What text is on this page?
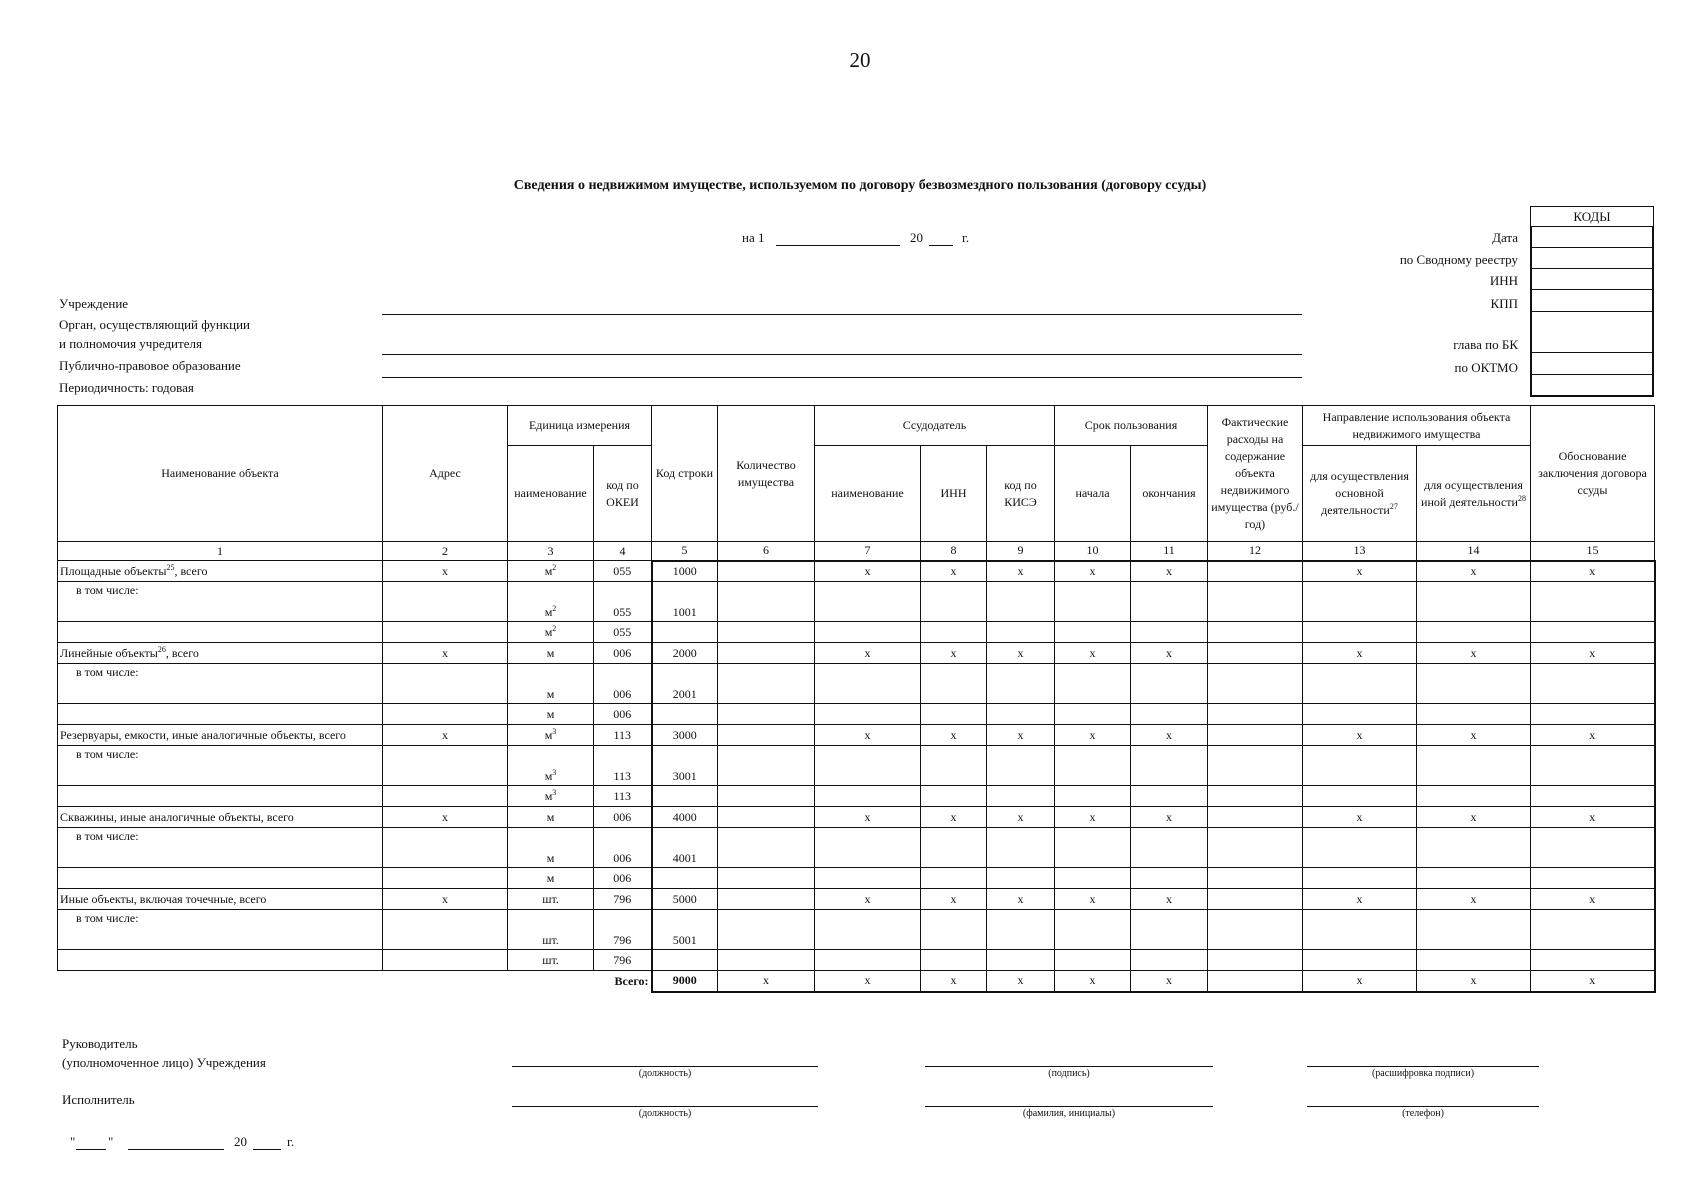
20
Сведения о недвижимом имуществе, используемом по договору безвозмездного пользования (договору ссуды)
на 1	20	г.
КОДЫ
Дата
по Сводному реестру
ИНН
КПП
глава по БК
по ОКТМО
Учреждение
Орган, осуществляющий функции
и полномочия учредителя
Публично-правовое образование
Периодичность: годовая
Наименование объекта	Адрес	Единица измерения		Код строки	Количество имущества	Ссудодатель			Срок пользования		Фактические расходы на содержание объекта недвижимого имущества (руб./год)	Направление использования объекта недвижимого имущества		Обоснование заключения договора ссуды
		наименование	код по ОКЕИ			наименование	ИНН	код по КИСЭ	начала	окончания		для осуществления основной деятельности$^{27}$	для осуществления иной деятельности$^{28}$
1	2	3	4	5	6	7	8	9	10	11	12	13	14	15
Площадные объекты$^{25}$, всего	х	$м^2$	055	1000		х	х	х	х	х		х	х	х
в том числе:		$м^2$	055	1001										
		$м^2$	055											
Линейные объекты$^{26}$, всего	х	м	006	2000		х	х	х	х	х		х	х	х
в том числе:		м	006	2001										
		м	006											
Резервуары, емкости, иные аналогичные объекты, всего	х	$м^3$	113	3000		х	х	х	х	х		х	х	х
в том числе:		$м^3$	113	3001										
		$м^3$	113											
Скважины, иные аналогичные объекты, всего	х	м	006	4000		х	х	х	х	х		х	х	х
в том числе:		м	006	4001										
		м	006											
Иные объекты, включая точечные, всего	х	шт.	796	5000		х	х	х	х	х		х	х	х
в том числе:		шт.	796	5001										
		шт.	796											
Всего:				9000	х	х	х	х	х	х		х	х	х
Руководитель
(уполномоченное лицо) Учреждения
Исполнитель
(должность)	(подпись)	(расшифровка подписи)
(должность)	(фамилия, инициалы)	(телефон)
"	"	20	г.
